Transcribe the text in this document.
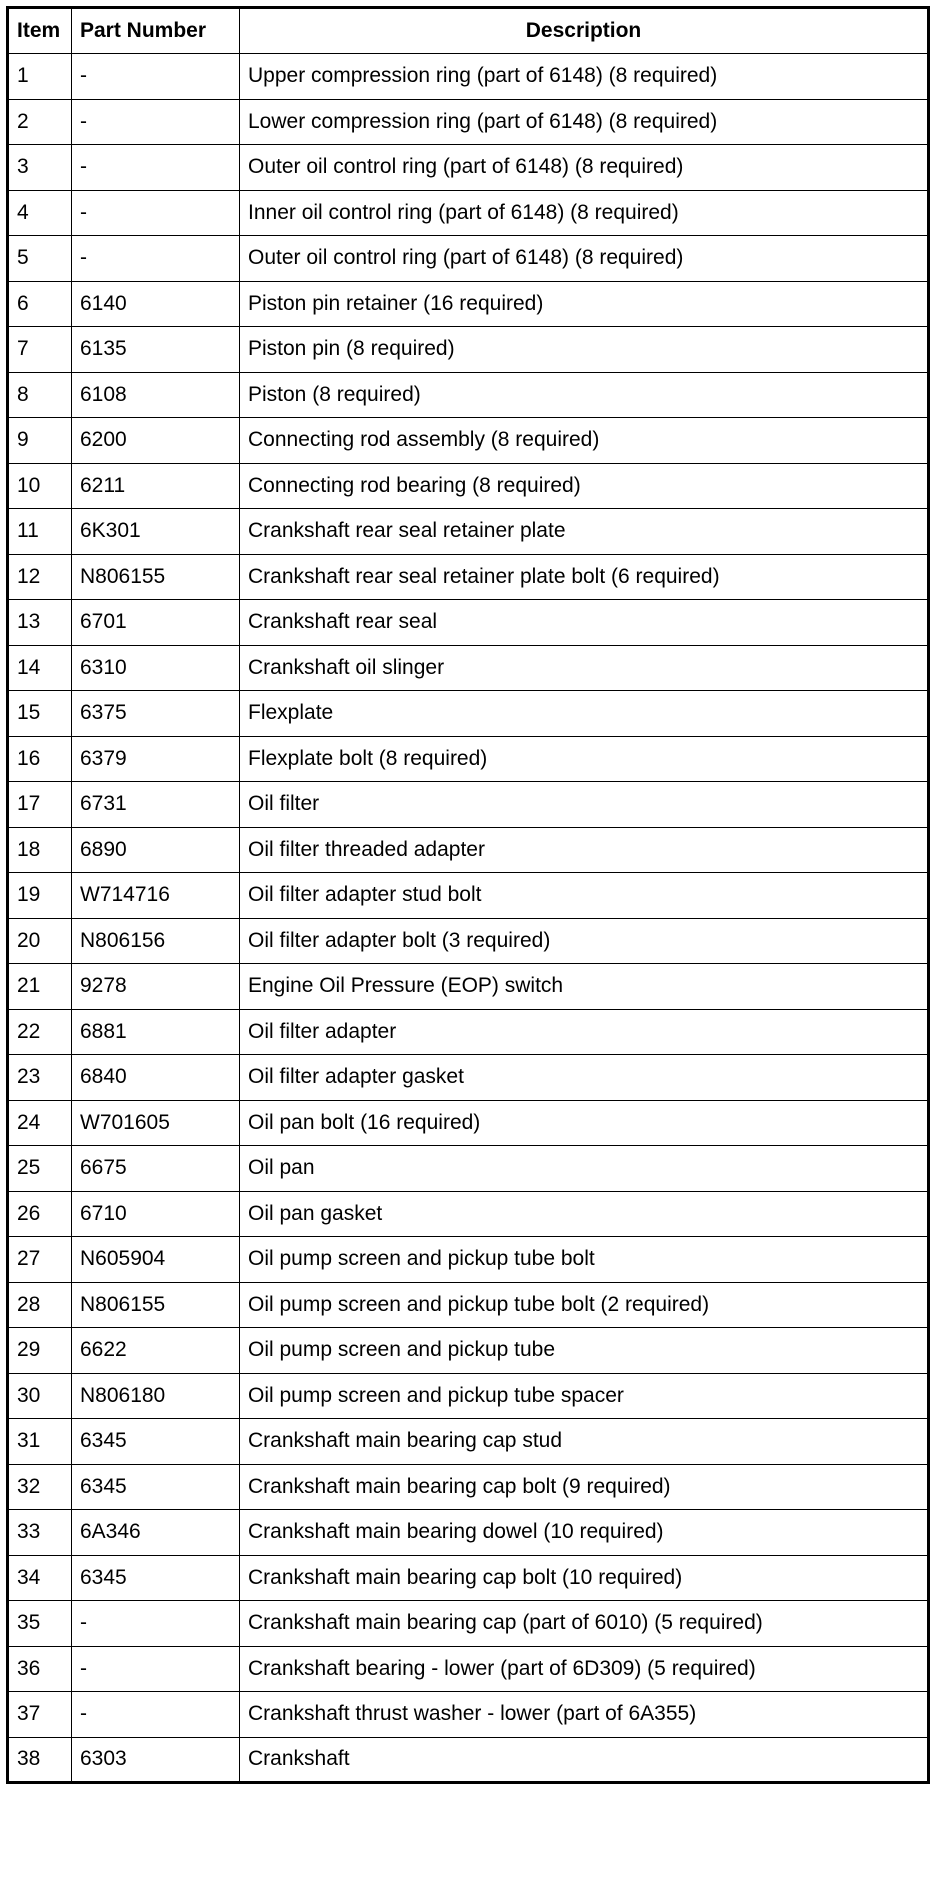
Item	Part Number	Description
1	-	Upper compression ring (part of 6148) (8 required)
2	-	Lower compression ring (part of 6148) (8 required)
3	-	Outer oil control ring (part of 6148) (8 required)
4	-	Inner oil control ring (part of 6148) (8 required)
5	-	Outer oil control ring (part of 6148) (8 required)
6	6140	Piston pin retainer (16 required)
7	6135	Piston pin (8 required)
8	6108	Piston (8 required)
9	6200	Connecting rod assembly (8 required)
10	6211	Connecting rod bearing (8 required)
11	6K301	Crankshaft rear seal retainer plate
12	N806155	Crankshaft rear seal retainer plate bolt (6 required)
13	6701	Crankshaft rear seal
14	6310	Crankshaft oil slinger
15	6375	Flexplate
16	6379	Flexplate bolt (8 required)
17	6731	Oil filter
18	6890	Oil filter threaded adapter
19	W714716	Oil filter adapter stud bolt
20	N806156	Oil filter adapter bolt (3 required)
21	9278	Engine Oil Pressure (EOP) switch
22	6881	Oil filter adapter
23	6840	Oil filter adapter gasket
24	W701605	Oil pan bolt (16 required)
25	6675	Oil pan
26	6710	Oil pan gasket
27	N605904	Oil pump screen and pickup tube bolt
28	N806155	Oil pump screen and pickup tube bolt (2 required)
29	6622	Oil pump screen and pickup tube
30	N806180	Oil pump screen and pickup tube spacer
31	6345	Crankshaft main bearing cap stud
32	6345	Crankshaft main bearing cap bolt (9 required)
33	6A346	Crankshaft main bearing dowel (10 required)
34	6345	Crankshaft main bearing cap bolt (10 required)
35	-	Crankshaft main bearing cap (part of 6010) (5 required)
36	-	Crankshaft bearing - lower (part of 6D309) (5 required)
37	-	Crankshaft thrust washer - lower (part of 6A355)
38	6303	Crankshaft
